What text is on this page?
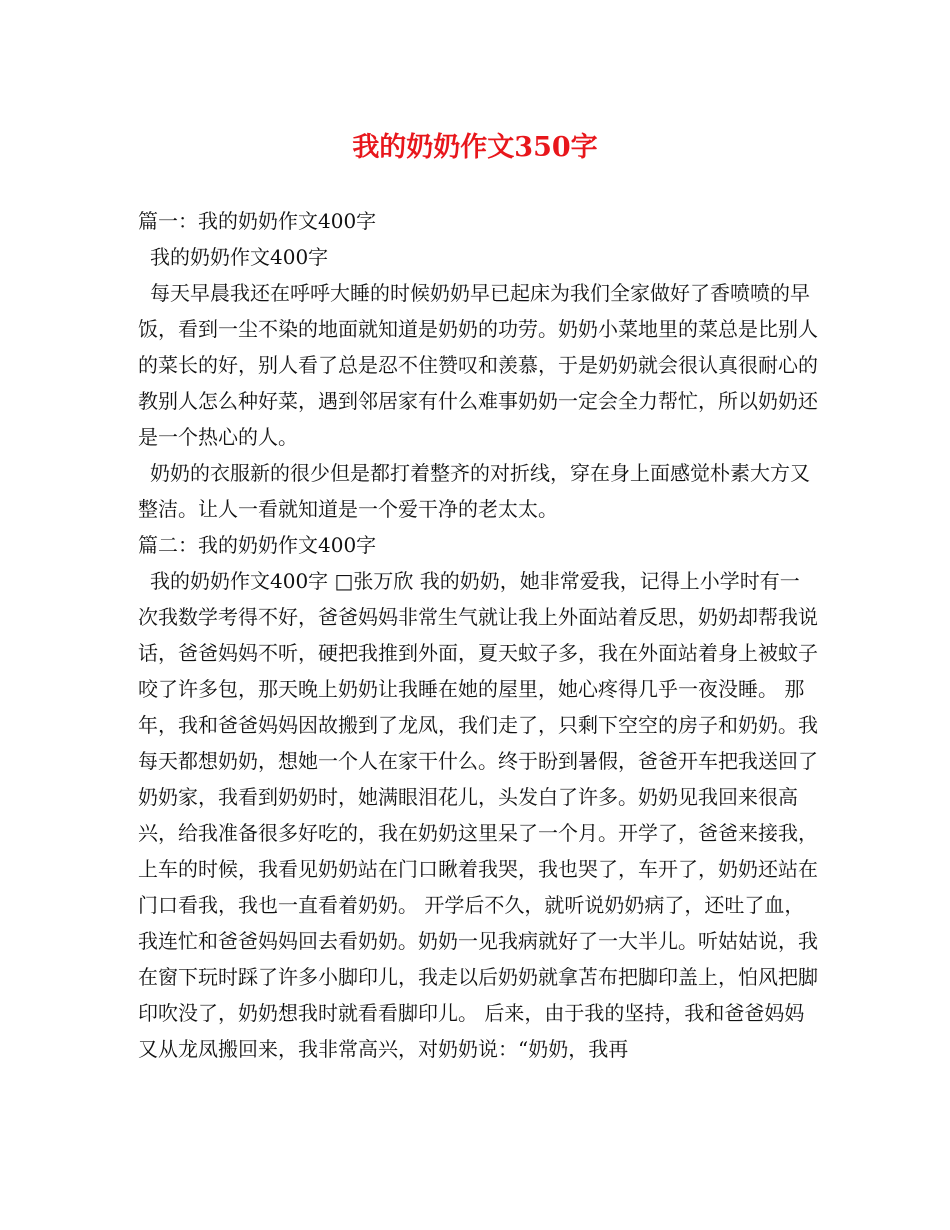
我的奶奶作文350字

篇一：我的奶奶作文400字

我的奶奶作文400字

每天早晨我还在呼呼大睡的时候奶奶早已起床为我们全家做好了香喷喷的早饭，看到一尘不染的地面就知道是奶奶的功劳。奶奶小菜地里的菜总是比别人的菜长的好，别人看了总是忍不住赞叹和羡慕，于是奶奶就会很认真很耐心的教别人怎么种好菜，遇到邻居家有什么难事奶奶一定会全力帮忙，所以奶奶还是一个热心的人。

奶奶的衣服新的很少但是都打着整齐的对折线，穿在身上面感觉朴素大方又整洁。让人一看就知道是一个爱干净的老太太。

篇二：我的奶奶作文400字

我的奶奶作文400字 □张万欣 我的奶奶，她非常爱我，记得上小学时有一次我数学考得不好，爸爸妈妈非常生气就让我上外面站着反思，奶奶却帮我说话，爸爸妈妈不听，硬把我推到外面，夏天蚊子多，我在外面站着身上被蚊子咬了许多包，那天晚上奶奶让我睡在她的屋里，她心疼得几乎一夜没睡。 那年，我和爸爸妈妈因故搬到了龙凤，我们走了，只剩下空空的房子和奶奶。我每天都想奶奶，想她一个人在家干什么。终于盼到暑假，爸爸开车把我送回了奶奶家，我看到奶奶时，她满眼泪花儿，头发白了许多。奶奶见我回来很高兴，给我准备很多好吃的，我在奶奶这里呆了一个月。开学了，爸爸来接我，上车的时候，我看见奶奶站在门口瞅着我哭，我也哭了，车开了，奶奶还站在门口看我，我也一直看着奶奶。 开学后不久，就听说奶奶病了，还吐了血，我连忙和爸爸妈妈回去看奶奶。奶奶一见我病就好了一大半儿。听姑姑说，我在窗下玩时踩了许多小脚印儿，我走以后奶奶就拿苫布把脚印盖上，怕风把脚印吹没了，奶奶想我时就看看脚印儿。 后来，由于我的坚持，我和爸爸妈妈又从龙凤搬回来，我非常高兴，对奶奶说：“奶奶，我再
